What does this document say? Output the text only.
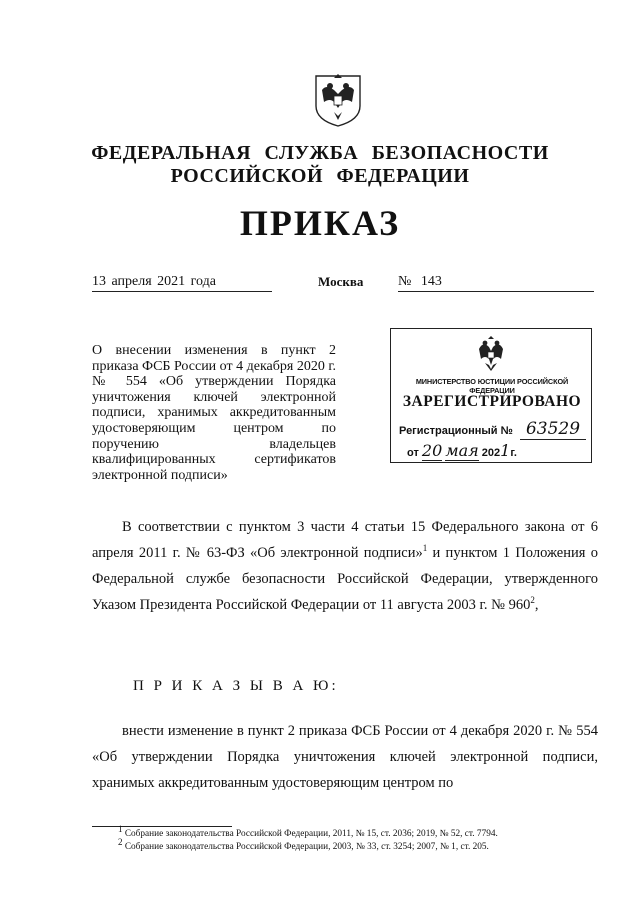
ФЕДЕРАЛЬНАЯ СЛУЖБА БЕЗОПАСНОСТИ
РОССИЙСКОЙ ФЕДЕРАЦИИ
ПРИКАЗ
13 апреля 2021 года	Москва № 143
О внесении изменения в пункт 2 приказа ФСБ России от 4 декабря 2020 г. № 554 «Об утверждении Порядка уничтожения ключей электронной подписи, хранимых аккредитованным удостоверяющим центром по поручению владельцев квалифицированных сертификатов электронной подписи»
МИНИСТЕРСТВО ЮСТИЦИИ РОССИЙСКОЙ ФЕДЕРАЦИИ
ЗАРЕГИСТРИРОВАНО
Регистрационный № 63529
от 20 мая 2021г.
В соответствии с пунктом 3 части 4 статьи 15 Федерального закона от 6 апреля 2011 г. № 63-ФЗ «Об электронной подписи»$^1$ и пунктом 1 Положения о Федеральной службе безопасности Российской Федерации, утвержденного Указом Президента Российской Федерации от 11 августа 2003 г. № $960^2$,
П Р И К А З Ы В А Ю:
внести изменение в пункт 2 приказа ФСБ России от 4 декабря 2020 г. № 554 «Об утверждении Порядка уничтожения ключей электронной подписи, хранимых аккредитованным удостоверяющим центром по
$^1$ Собрание законодательства Российской Федерации, 2011, № 15, ст. 2036; 2019, № 52, ст. 7794.
$^2$ Собрание законодательства Российской Федерации, 2003, № 33, ст. 3254; 2007, № 1, ст. 205.
